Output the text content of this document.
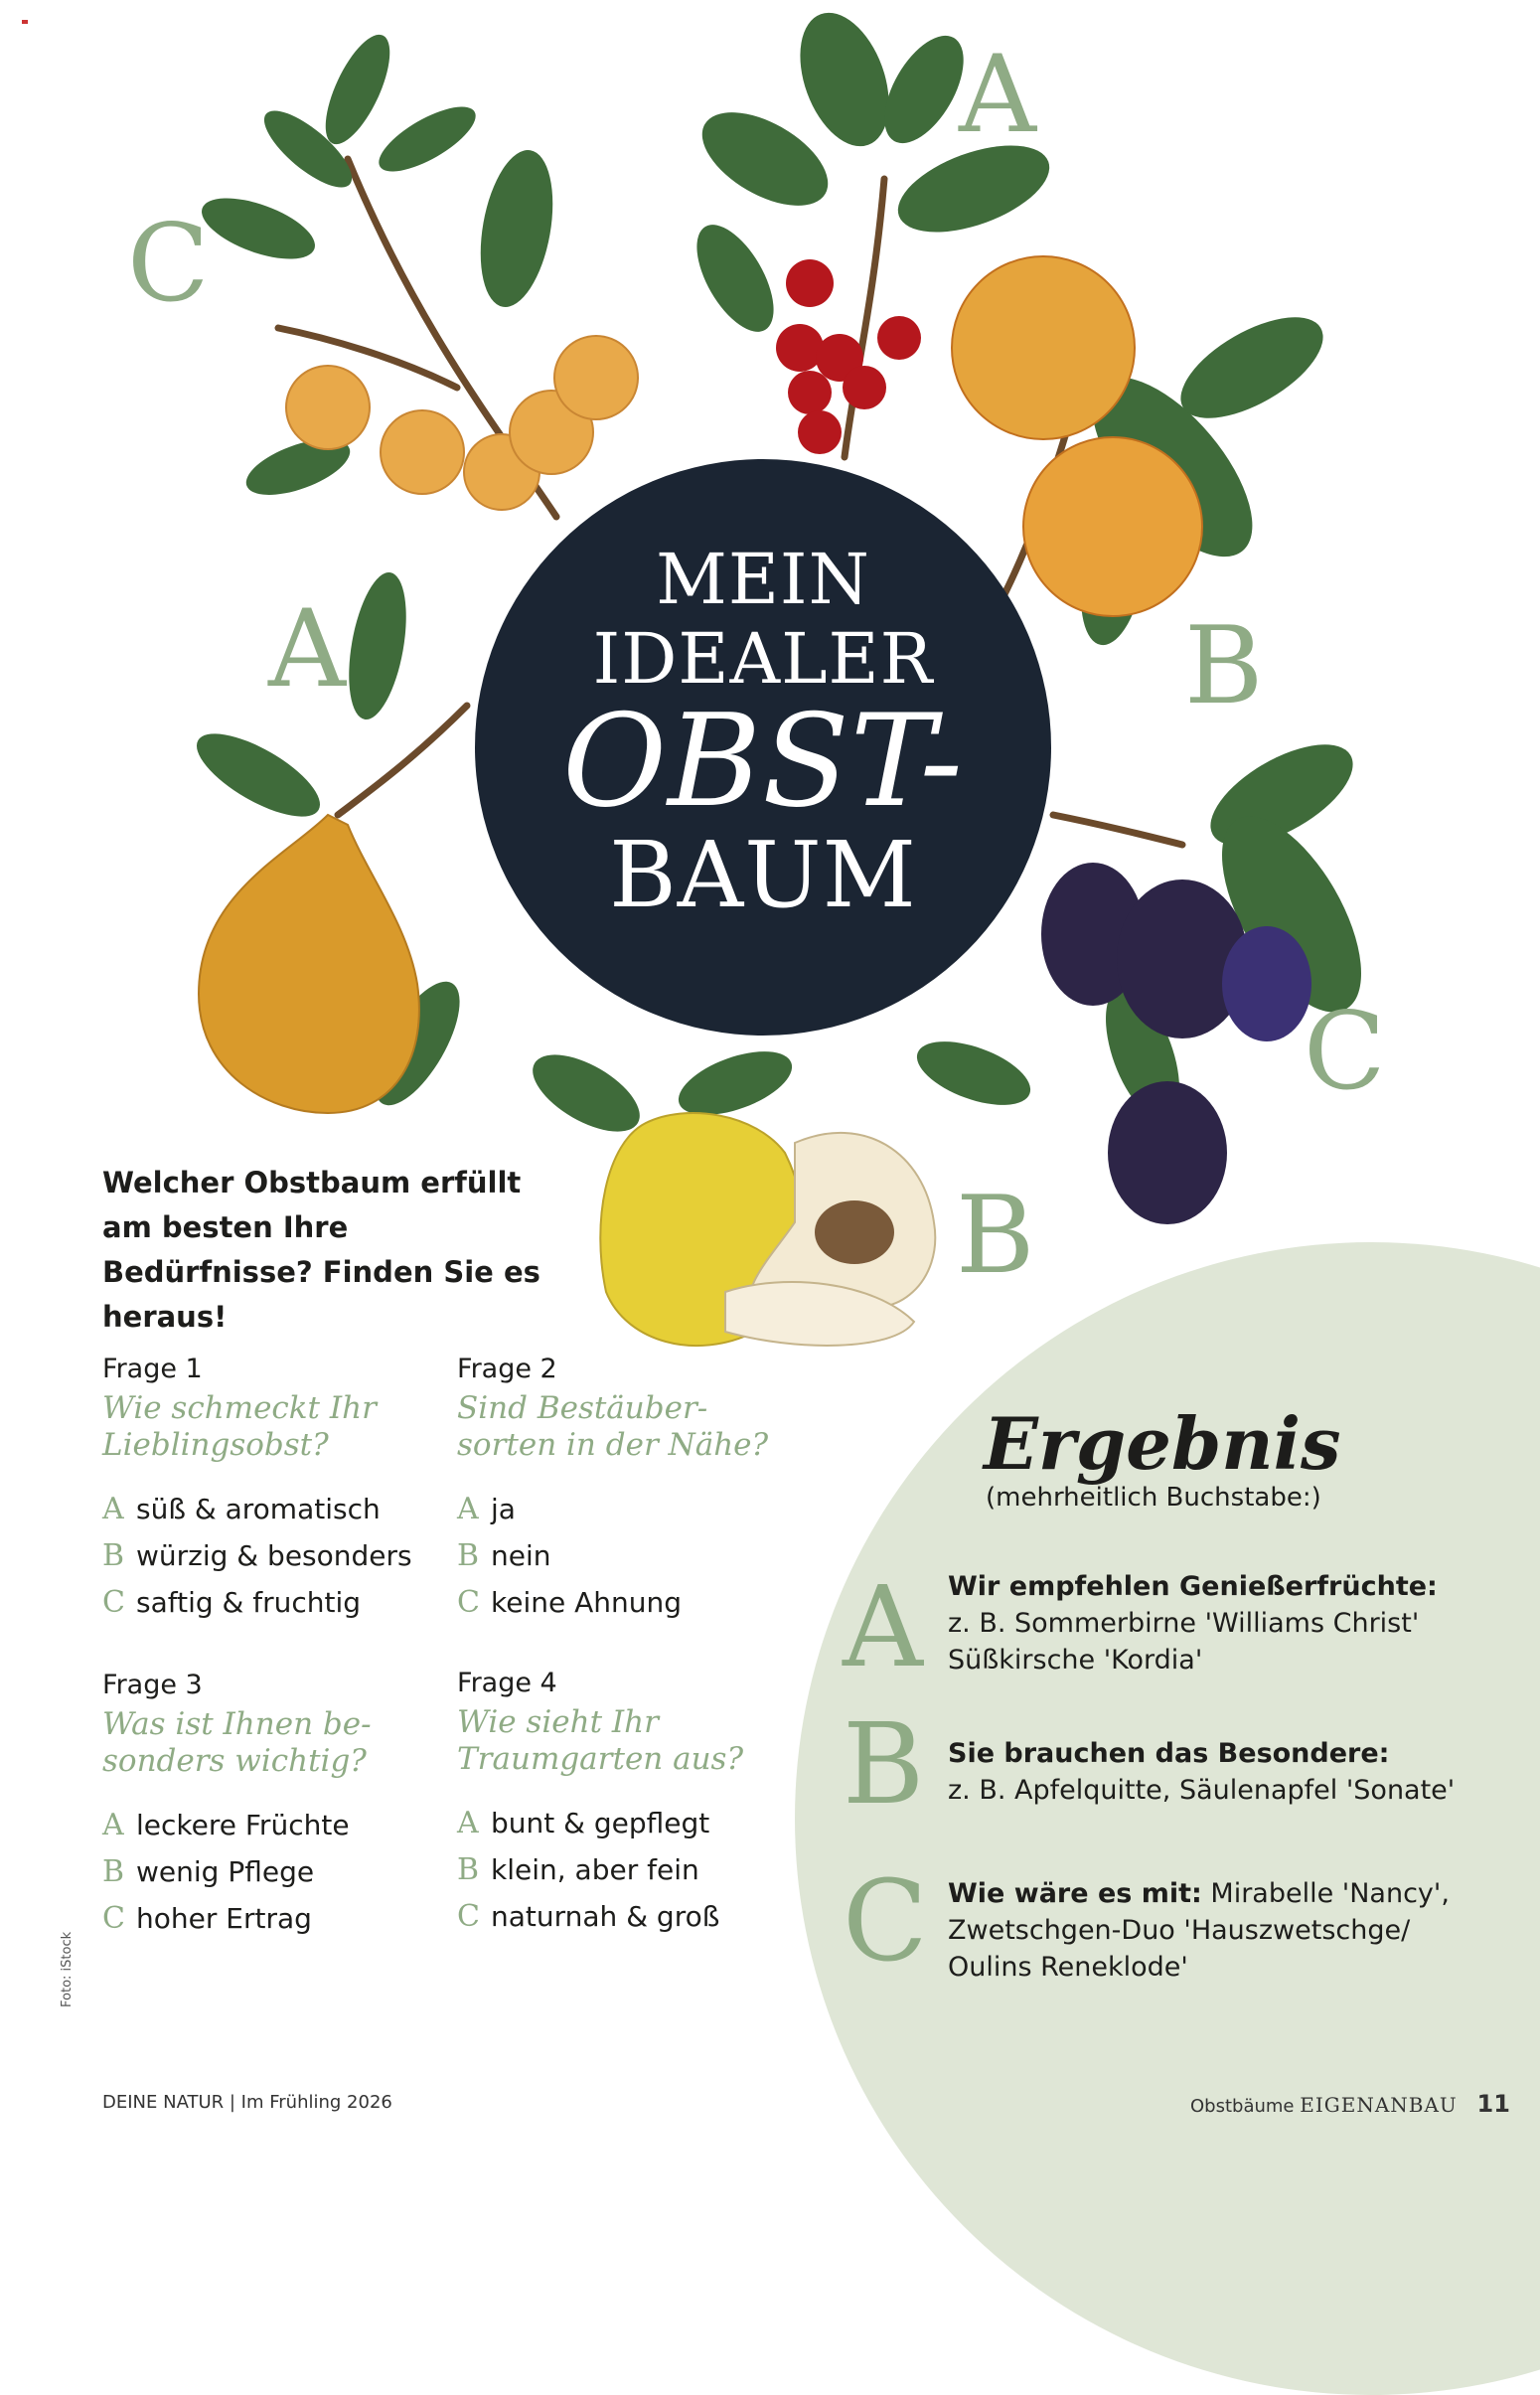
A
C
A	B
C
B
MEIN
IDEALER
OBST-
BAUM
Welcher Obstbaum erfüllt am besten Ihre Bedürfnisse? Finden Sie es heraus!
Frage 1
Wie schmeckt Ihr Lieblingsobst?
A süß & aromatisch
B würzig & besonders
C saftig & fruchtig
Frage 2
Sind Bestäuber-sorten in der Nähe?
A ja
B nein
C keine Ahnung
Frage 3
Was ist Ihnen be-sonders wichtig?
A leckere Früchte
B wenig Pflege
C hoher Ertrag
Frage 4
Wie sieht Ihr Traumgarten aus?
A bunt & gepflegt
B klein, aber fein
C naturnah & groß
Ergebnis
(mehrheitlich Buchstabe:)
A Wir empfehlen Genießerfrüchte:
z. B. Sommerbirne 'Williams Christ'
Süßkirsche 'Kordia'
B Sie brauchen das Besondere:
z. B. Apfelquitte, Säulenapfel 'Sonate'
C Wie wäre es mit: Mirabelle 'Nancy',
Zwetschgen-Duo 'Hauszwetschge/
Oulins Reneklode'
Foto: iStock
DEINE NATUR | Im Frühling 2026	Obstbäume EIGENANBAU 11
